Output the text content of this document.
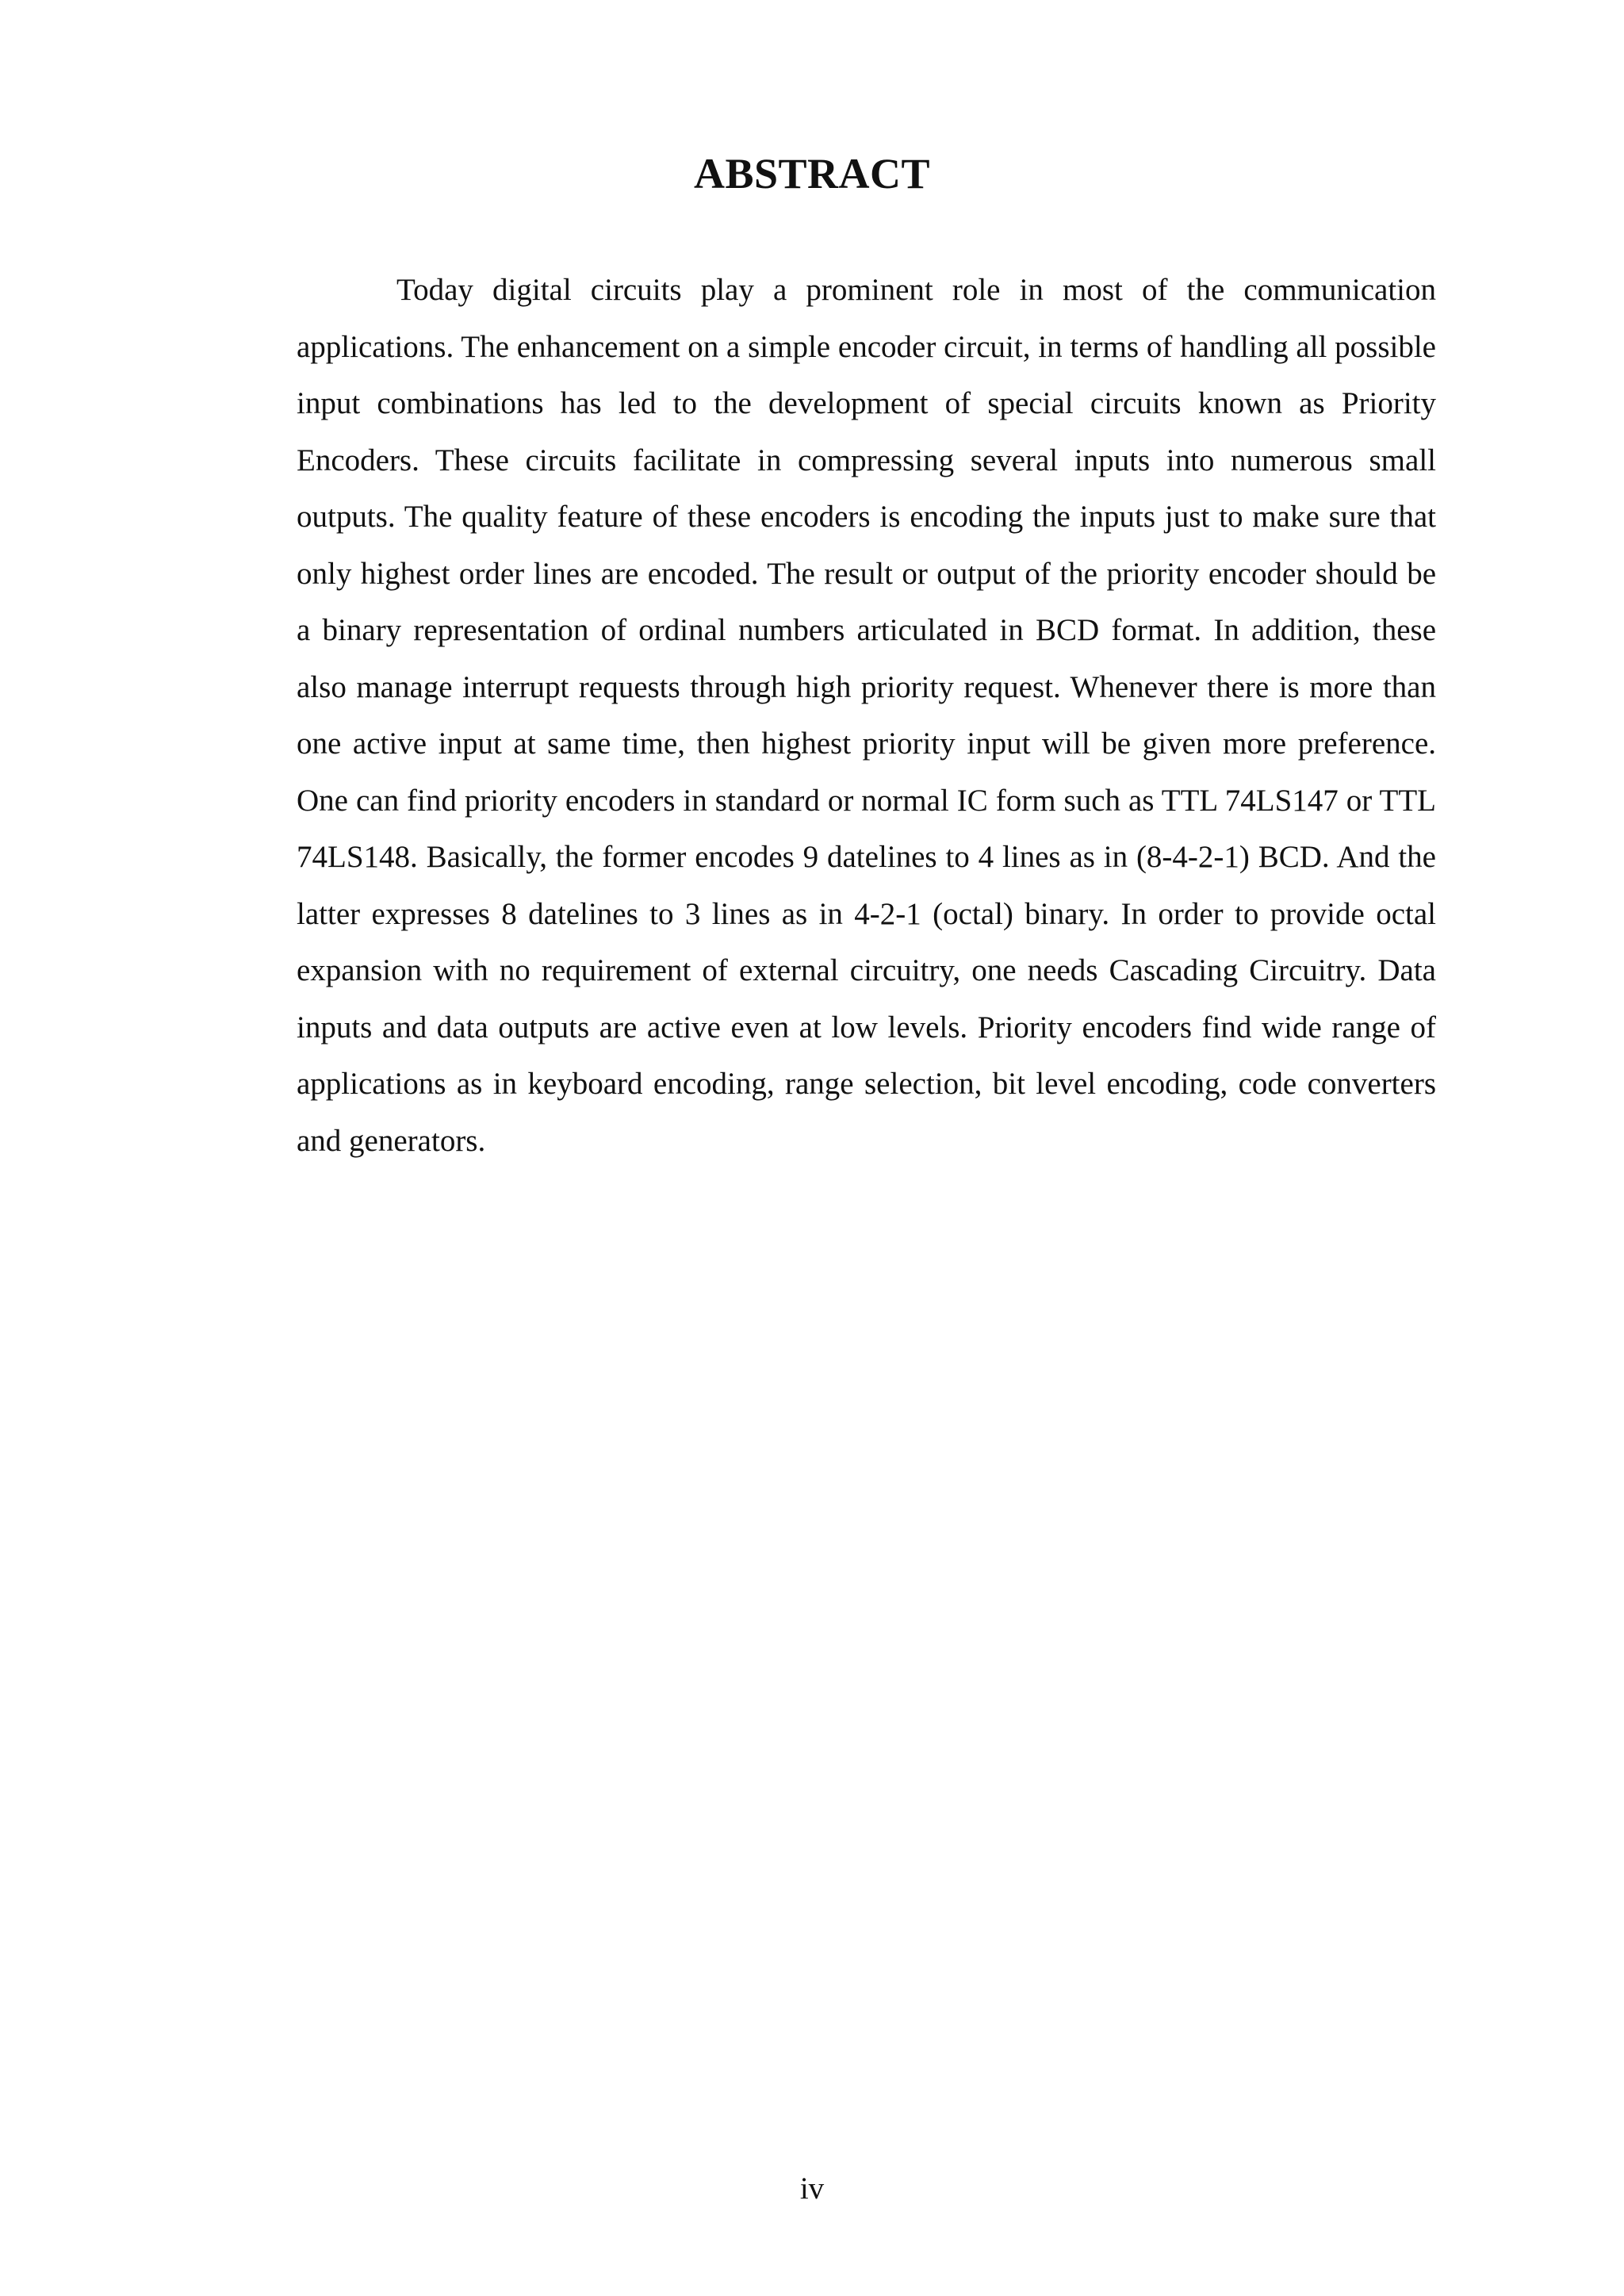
ABSTRACT

Today digital circuits play a prominent role in most of the communication applications. The enhancement on a simple encoder circuit, in terms of handling all possible input combinations has led to the development of special circuits known as Priority Encoders. These circuits facilitate in compressing several inputs into numerous small outputs. The quality feature of these encoders is encoding the inputs just to make sure that only highest order lines are encoded. The result or output of the priority encoder should be a binary representation of ordinal numbers articulated in BCD format. In addition, these also manage interrupt requests through high priority request. Whenever there is more than one active input at same time, then highest priority input will be given more preference. One can find priority encoders in standard or normal IC form such as TTL 74LS147 or TTL 74LS148. Basically, the former encodes 9 datelines to 4 lines as in (8-4-2-1) BCD. And the latter expresses 8 datelines to 3 lines as in 4-2-1 (octal) binary. In order to provide octal expansion with no requirement of external circuitry, one needs Cascading Circuitry. Data inputs and data outputs are active even at low levels. Priority encoders find wide range of applications as in keyboard encoding, range selection, bit level encoding, code converters and generators.

iv
